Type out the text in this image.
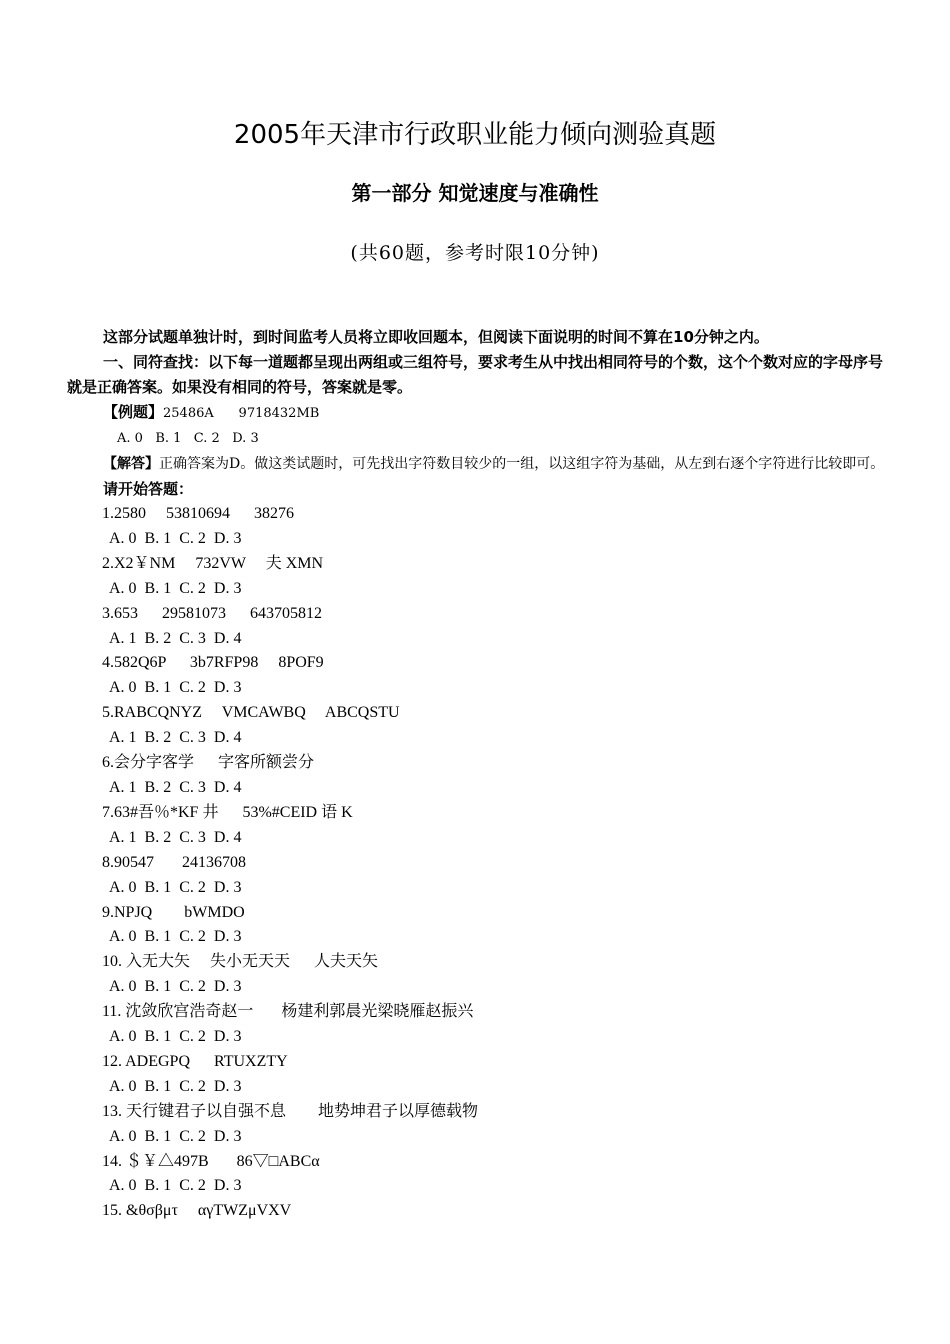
2005年天津市行政职业能力倾向测验真题
第一部分 知觉速度与准确性
(共60题，参考时限10分钟)
这部分试题单独计时，到时间监考人员将立即收回题本，但阅读下面说明的时间不算在10分钟之内。
一、同符查找：以下每一道题都呈现出两组或三组符号，要求考生从中找出相同符号的个数，这个个数对应的字母序号就是正确答案。如果没有相同的符号，答案就是零。
【例题】25486A      9718432MB
A. 0   B. 1   C. 2   D. 3
【解答】正确答案为D。做这类试题时，可先找出字符数目较少的一组，以这组字符为基础，从左到右逐个字符进行比较即可。
请开始答题：
1.2580     53810694      38276
A. 0  B. 1  C. 2  D. 3
2.X2￥NM     732VW     夫 XMN
A. 0  B. 1  C. 2  D. 3
3.653      29581073      643705812
A. 1  B. 2  C. 3  D. 4
4.582Q6P      3b7RFP98     8POF9
A. 0  B. 1  C. 2  D. 3
5.RABCQNYZ     VMCAWBQ     ABCQSTU
A. 1  B. 2  C. 3  D. 4
6.会分字客学      字客所额尝分
A. 1  B. 2  C. 3  D. 4
7.63#吾％*KF 井      53%#CEID 语 K
A. 1  B. 2  C. 3  D. 4
8.90547       24136708
A. 0  B. 1  C. 2  D. 3
9.NPJQ        bWMDO
A. 0  B. 1  C. 2  D. 3
10. 入无大矢     失小无天天      人夫天矢
A. 0  B. 1  C. 2  D. 3
11. 沈敛欣宫浩奇赵一       杨建利郭晨光梁晓雁赵振兴
A. 0  B. 1  C. 2  D. 3
12. ADEGPQ      RTUXZTY
A. 0  B. 1  C. 2  D. 3
13. 天行键君子以自强不息        地势坤君子以厚德载物
A. 0  B. 1  C. 2  D. 3
14. ＄￥△497B       86▽□ABCα
A. 0  B. 1  C. 2  D. 3
15. &θσβμτ     αγTWZμVXV
